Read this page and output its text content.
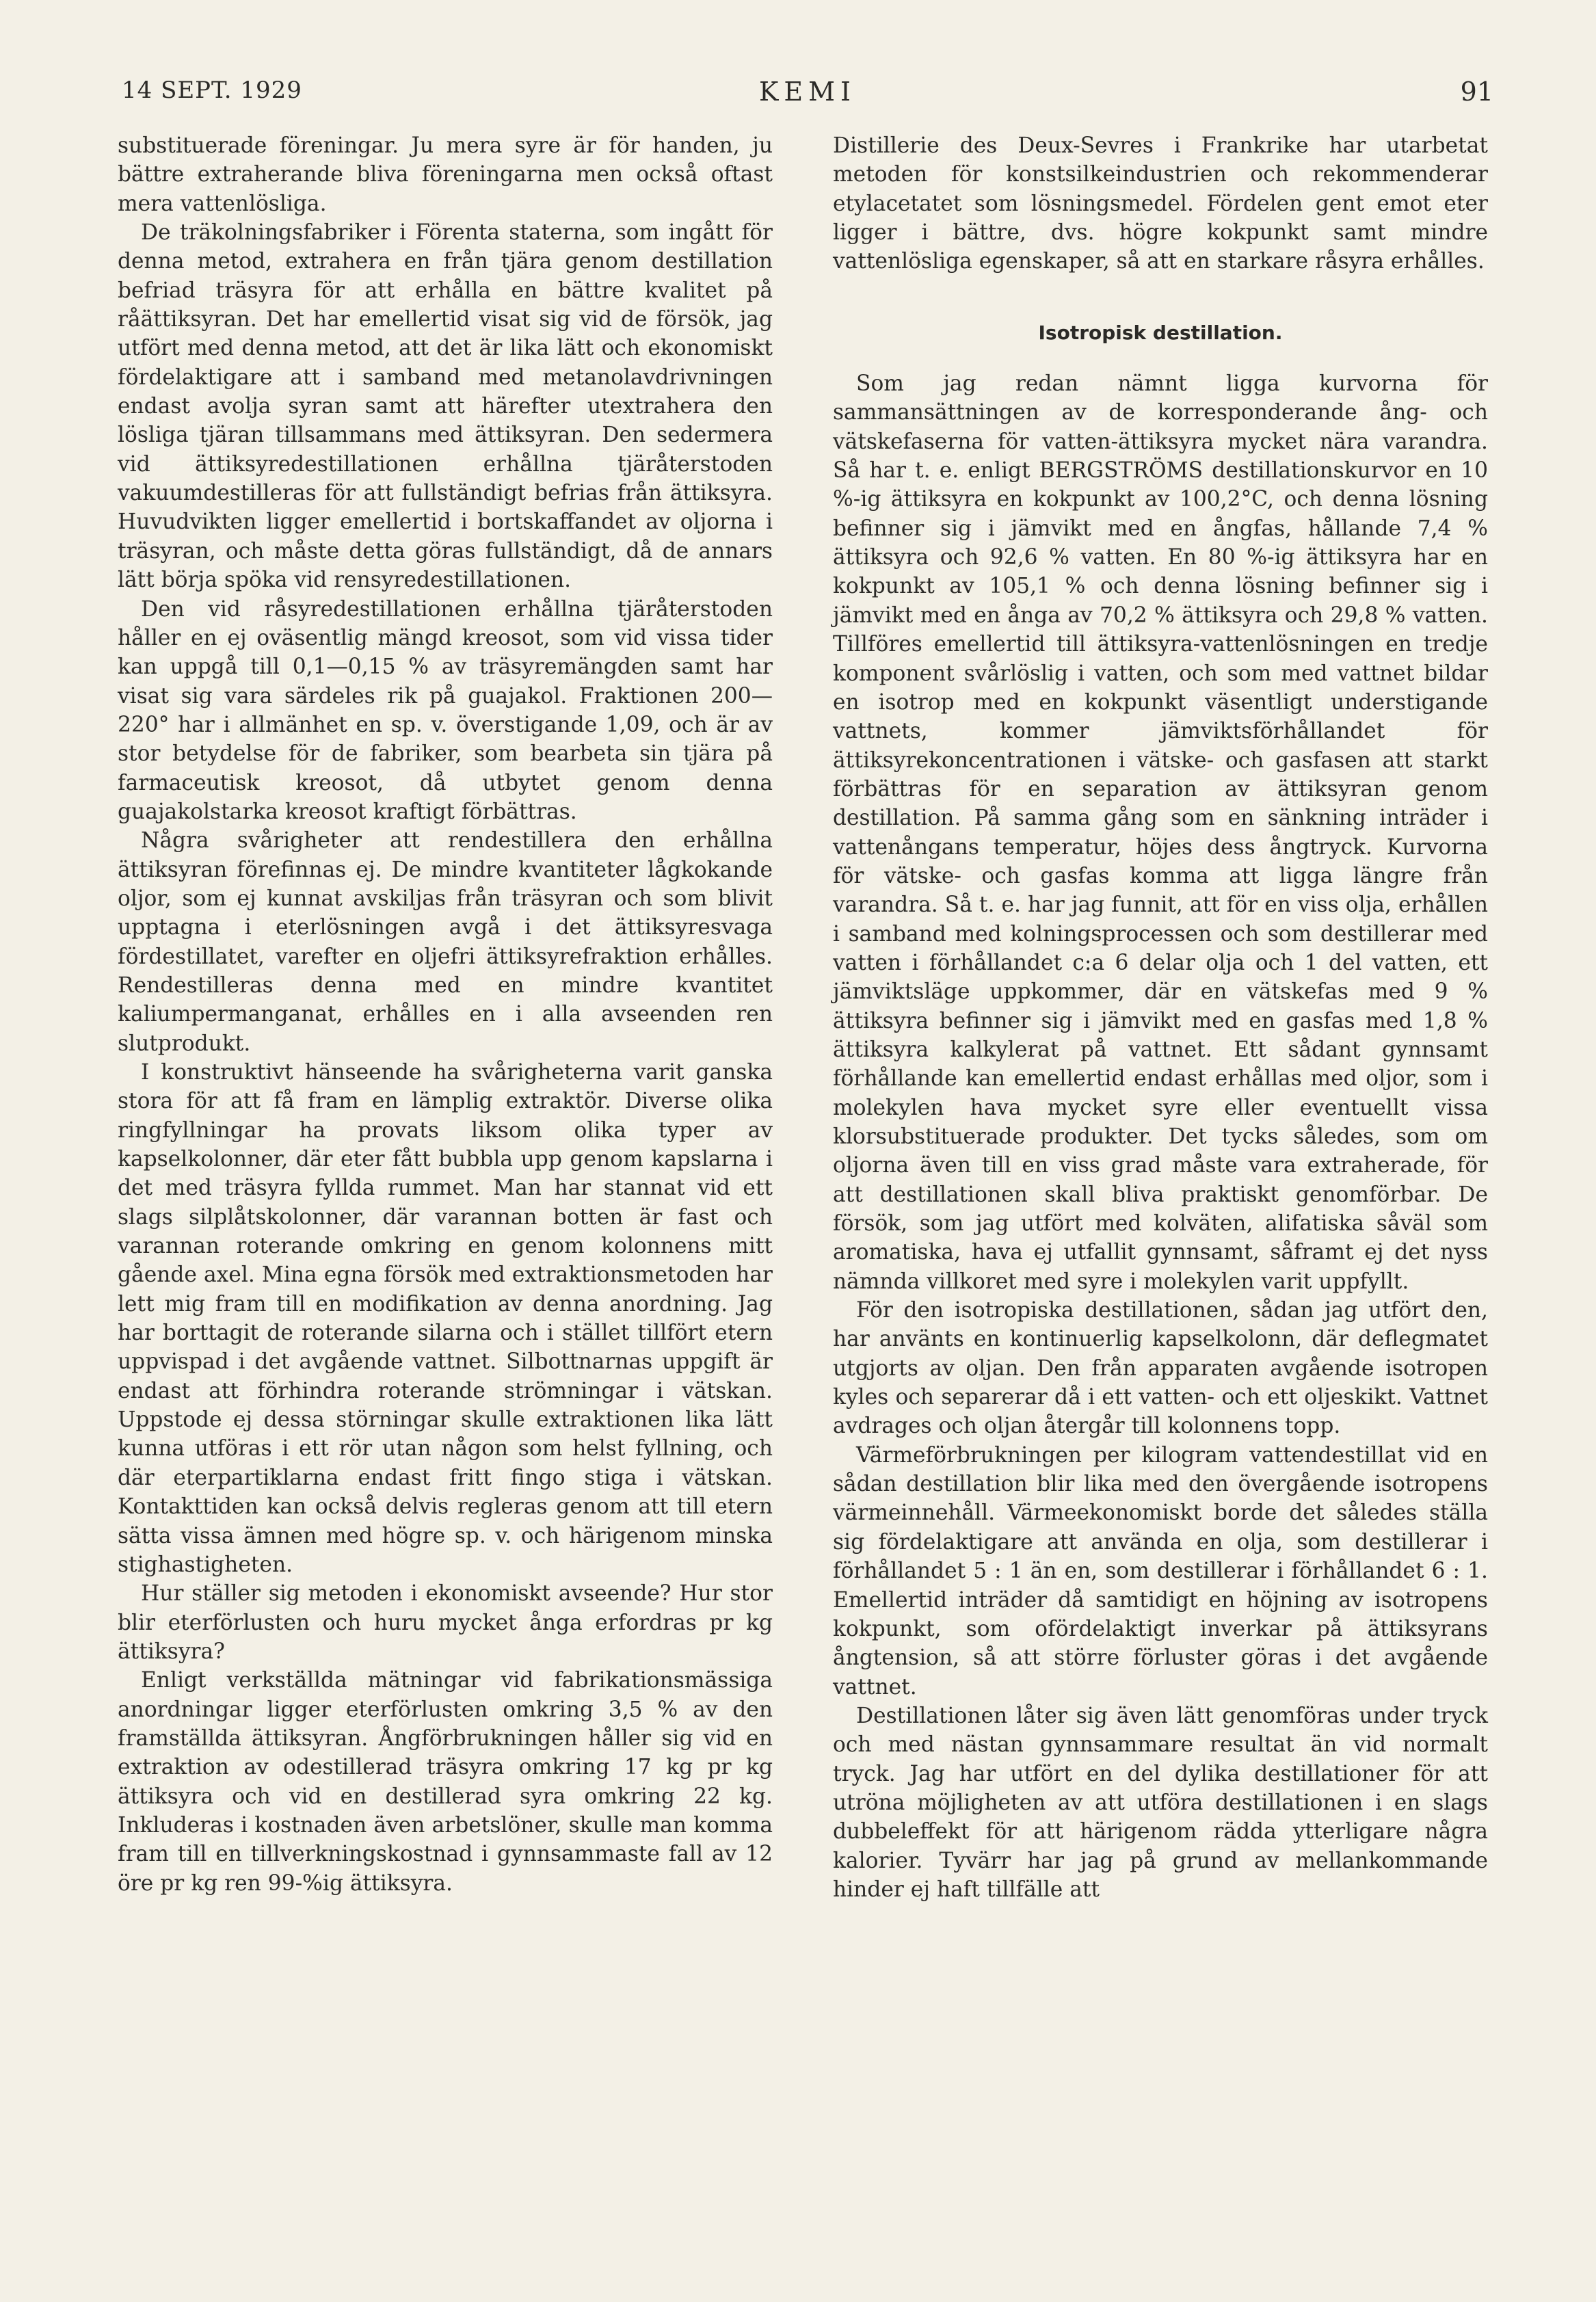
14 SEPT. 1929	KEMI	91

substituerade föreningar. Ju mera syre är för handen, ju bättre extraherande bliva föreningarna men också oftast mera vattenlösliga.

De träkolningsfabriker i Förenta staterna, som ingått för denna metod, extrahera en från tjära genom destillation befriad träsyra för att erhålla en bättre kvalitet på råättiksyran. Det har emellertid visat sig vid de försök, jag utfört med denna metod, att det är lika lätt och ekonomiskt fördelaktigare att i samband med metanolavdrivningen endast avolja syran samt att härefter utextrahera den lösliga tjäran tillsammans med ättiksyran. Den sedermera vid ättiksyredestillationen erhållna tjäråterstoden vakuumdestilleras för att fullständigt befrias från ättiksyra. Huvudvikten ligger emellertid i bortskaffandet av oljorna i träsyran, och måste detta göras fullständigt, då de annars lätt börja spöka vid rensyredestillationen.

Den vid råsyredestillationen erhållna tjäråterstoden håller en ej oväsentlig mängd kreosot, som vid vissa tider kan uppgå till 0,1—0,15 % av träsyremängden samt har visat sig vara särdeles rik på guajakol. Fraktionen 200—220° har i allmänhet en sp. v. överstigande 1,09, och är av stor betydelse för de fabriker, som bearbeta sin tjära på farmaceutisk kreosot, då utbytet genom denna guajakolstarka kreosot kraftigt förbättras.

Några svårigheter att rendestillera den erhållna ättiksyran förefinnas ej. De mindre kvantiteter lågkokande oljor, som ej kunnat avskiljas från träsyran och som blivit upptagna i eterlösningen avgå i det ättiksyresvaga fördestillatet, varefter en oljefri ättiksyrefraktion erhålles. Rendestilleras denna med en mindre kvantitet kaliumpermanganat, erhålles en i alla avseenden ren slutprodukt.

I konstruktivt hänseende ha svårigheterna varit ganska stora för att få fram en lämplig extraktör. Diverse olika ringfyllningar ha provats liksom olika typer av kapselkolonner, där eter fått bubbla upp genom kapslarna i det med träsyra fyllda rummet. Man har stannat vid ett slags silplåtskolonner, där varannan botten är fast och varannan roterande omkring en genom kolonnens mitt gående axel. Mina egna försök med extraktionsmetoden har lett mig fram till en modifikation av denna anordning. Jag har borttagit de roterande silarna och i stället tillfört etern uppvispad i det avgående vattnet. Silbottnarnas uppgift är endast att förhindra roterande strömningar i vätskan. Uppstode ej dessa störningar skulle extraktionen lika lätt kunna utföras i ett rör utan någon som helst fyllning, och där eterpartiklarna endast fritt fingo stiga i vätskan. Kontakttiden kan också delvis regleras genom att till etern sätta vissa ämnen med högre sp. v. och härigenom minska stighastigheten.

Hur ställer sig metoden i ekonomiskt avseende? Hur stor blir eterförlusten och huru mycket ånga erfordras pr kg ättiksyra?

Enligt verkställda mätningar vid fabrikationsmässiga anordningar ligger eterförlusten omkring 3,5 % av den framställda ättiksyran. Ångförbrukningen håller sig vid en extraktion av odestillerad träsyra omkring 17 kg pr kg ättiksyra och vid en destillerad syra omkring 22 kg. Inkluderas i kostnaden även arbetslöner, skulle man komma fram till en tillverkningskostnad i gynnsammaste fall av 12 öre pr kg ren 99-%ig ättiksyra.

Distillerie des Deux-Sevres i Frankrike har utarbetat metoden för konstsilkeindustrien och rekommenderar etylacetatet som lösningsmedel. Fördelen gent emot eter ligger i bättre, dvs. högre kokpunkt samt mindre vattenlösliga egenskaper, så att en starkare råsyra erhålles.

Isotropisk destillation.

Som jag redan nämnt ligga kurvorna för sammansättningen av de korresponderande ång- och vätskefaserna för vatten-ättiksyra mycket nära varandra. Så har t. e. enligt BERGSTRÖMS destillationskurvor en 10 %-ig ättiksyra en kokpunkt av 100,2°C, och denna lösning befinner sig i jämvikt med en ångfas, hållande 7,4 % ättiksyra och 92,6 % vatten. En 80 %-ig ättiksyra har en kokpunkt av 105,1 % och denna lösning befinner sig i jämvikt med en ånga av 70,2 % ättiksyra och 29,8 % vatten. Tillföres emellertid till ättiksyra-vattenlösningen en tredje komponent svårlöslig i vatten, och som med vattnet bildar en isotrop med en kokpunkt väsentligt understigande vattnets, kommer jämviktsförhållandet för ättiksyrekoncentrationen i vätske- och gasfasen att starkt förbättras för en separation av ättiksyran genom destillation. På samma gång som en sänkning inträder i vattenångans temperatur, höjes dess ångtryck. Kurvorna för vätske- och gasfas komma att ligga längre från varandra. Så t. e. har jag funnit, att för en viss olja, erhållen i samband med kolningsprocessen och som destillerar med vatten i förhållandet c:a 6 delar olja och 1 del vatten, ett jämviktsläge uppkommer, där en vätskefas med 9 % ättiksyra befinner sig i jämvikt med en gasfas med 1,8 % ättiksyra kalkylerat på vattnet. Ett sådant gynnsamt förhållande kan emellertid endast erhållas med oljor, som i molekylen hava mycket syre eller eventuellt vissa klorsubstituerade produkter. Det tycks således, som om oljorna även till en viss grad måste vara extraherade, för att destillationen skall bliva praktiskt genomförbar. De försök, som jag utfört med kolväten, alifatiska såväl som aromatiska, hava ej utfallit gynnsamt, såframt ej det nyss nämnda villkoret med syre i molekylen varit uppfyllt.

För den isotropiska destillationen, sådan jag utfört den, har använts en kontinuerlig kapselkolonn, där deflegmatet utgjorts av oljan. Den från apparaten avgående isotropen kyles och separerar då i ett vatten- och ett oljeskikt. Vattnet avdrages och oljan återgår till kolonnens topp.

Värmeförbrukningen per kilogram vattendestillat vid en sådan destillation blir lika med den övergående isotropens värmeinnehåll. Värmeekonomiskt borde det således ställa sig fördelaktigare att använda en olja, som destillerar i förhållandet 5 : 1 än en, som destillerar i förhållandet 6 : 1. Emellertid inträder då samtidigt en höjning av isotropens kokpunkt, som ofördelaktigt inverkar på ättiksyrans ångtension, så att större förluster göras i det avgående vattnet.

Destillationen låter sig även lätt genomföras under tryck och med nästan gynnsammare resultat än vid normalt tryck. Jag har utfört en del dylika destillationer för att utröna möjligheten av att utföra destillationen i en slags dubbeleffekt för att härigenom rädda ytterligare några kalorier. Tyvärr har jag på grund av mellankommande hinder ej haft tillfälle att
